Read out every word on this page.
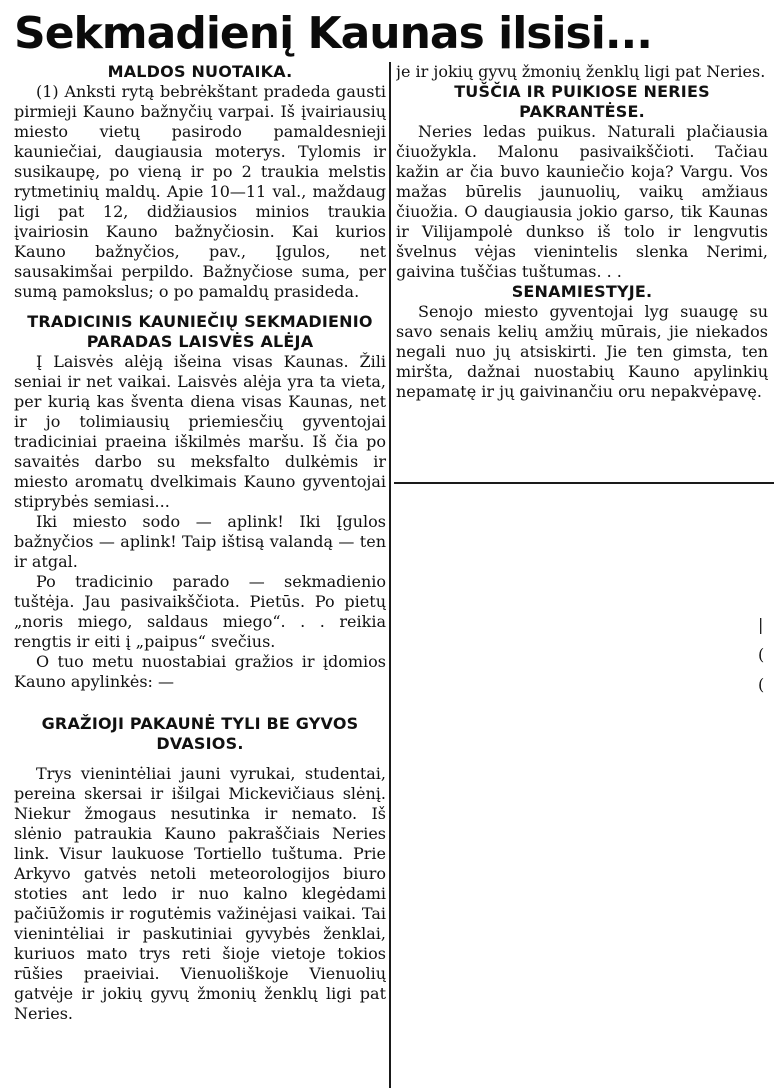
Sekmadienį Kaunas ilsisi...
MALDOS NUOTAIKA.

(1) Anksti rytą bebrėkštant pradeda gausti pirmieji Kauno bažnyčių varpai. Iš įvairiausių miesto vietų pasirodo pamaldesnieji kauniečiai, daugiausia moterys. Tylomis ir susikaupę, po vieną ir po 2 traukia melstis rytmetinių maldų. Apie 10—11 val., maždaug ligi pat 12, didžiausios minios traukia įvairiosin Kauno bažnyčiosin. Kai kurios Kauno bažnyčios, pav., Įgulos, net sausakimšai perpildo. Bažnyčiose suma, per sumą pamokslus; o po pamaldų prasideda.

TRADICINIS KAUNIEČIŲ SEKMADIENIO PARADAS LAISVĖS ALĖJA

Į Laisvės alėją išeina visas Kaunas. Žili seniai ir net vaikai. Laisvės alėja yra ta vieta, per kurią kas šventa diena visas Kaunas, net ir jo tolimiausių priemiesčių gyventojai tradiciniai praeina iškilmės maršu. Iš čia po savaitės darbo su meksfalto dulkėmis ir miesto aromatų dvelkimais Kauno gyventojai stiprybės semiasi...

Iki miesto sodo — aplink! Iki Įgulos bažnyčios — aplink! Taip ištisą valandą — ten ir atgal.

Po tradicinio parado — sekmadienio tuštėja. Jau pasivaikščiota. Pietūs. Po pietų „noris miego, saldaus miego“. . . reikia rengtis ir eiti į „paipus“ svečius.

O tuo metu nuostabiai gražios ir įdomios Kauno apylinkės: —

GRAŽIOJI PAKAUNĖ TYLI BE GYVOS DVASIOS.

Trys vienintėliai jauni vyrukai, studentai, pereina skersai ir išilgai Mickevičiaus slėnį. Niekur žmogaus nesutinka ir nemato. Iš slėnio patraukia Kauno pakraščiais Neries link. Visur laukuose Tortiello tuštuma. Prie Arkyvo gatvės netoli meteorologijos biuro stoties ant ledo ir nuo kalno klegėdami pačiūžomis ir rogutėmis važinėjasi vaikai. Tai vienintėliai ir paskutiniai gyvybės ženklai, kuriuos mato trys reti šioje vietoje tokios rūšies praeiviai. Vienuoliškoje Vienuolių gatvėje ir jokių gyvų žmonių ženklų ligi pat Neries.

je ir jokių gyvų žmonių ženklų ligi pat Neries.

TUŠČIA IR PUIKIOSE NERIES PAKRANTĖSE.

Neries ledas puikus. Naturali plačiausia čiuožykla. Malonu pasivaikščioti. Tačiau kažin ar čia buvo kauniečio koja? Vargu. Vos mažas būrelis jaunuolių, vaikų amžiaus čiuožia. O daugiausia jokio garso, tik Kaunas ir Vilijampolė dunkso iš tolo ir lengvutis švelnus vėjas vienintelis slenka Nerimi, gaivina tuščias tuštumas. . .

SENAMIESTYJE.

Senojo miesto gyventojai lyg suaugę su savo senais kelių amžių mūrais, jie niekados negali nuo jų atsiskirti. Jie ten gimsta, ten miršta, dažnai nuostabių Kauno apylinkių nepamatę ir jų gaivinančiu oru nepakvėpavę.

|
(
(
